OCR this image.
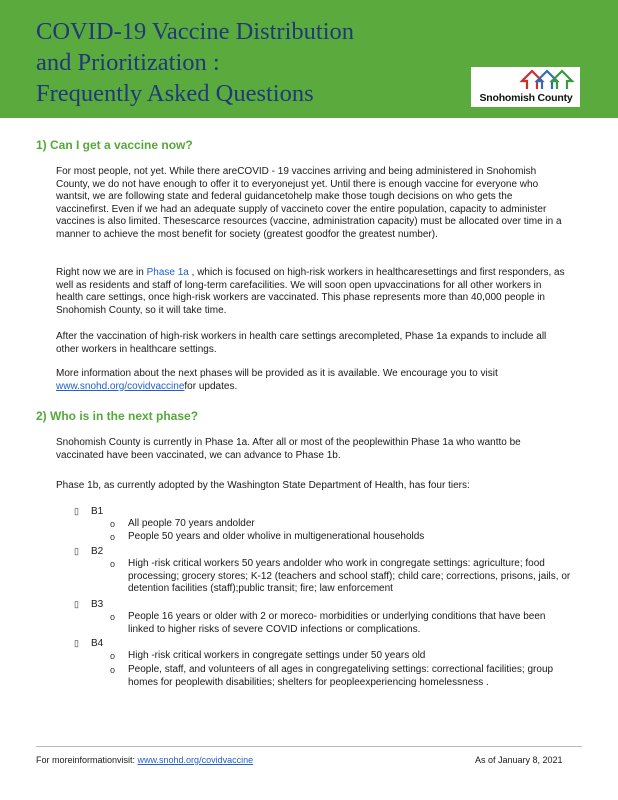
COVID-19 Vaccine Distribution
and Prioritization :
Frequently Asked Questions	Snohomish County
1) Can I get a vaccine now?
For most people, not yet. While there areCOVID - 19 vaccines arriving and being administered in Snohomish County, we do not have enough to offer it to everyonejust yet. Until there is enough vaccine for everyone who wantsit, we are following state and federal guidancetohelp make those tough decisions on who gets the vaccinefirst. Even if we had an adequate supply of vaccineto cover the entire population, capacity to administer vaccines is also limited. Thesescarce resources (vaccine, administration capacity) must be allocated over time in a manner to achieve the most benefit for society (greatest goodfor the greatest number).
Right now we are in Phase 1a , which is focused on high-risk workers in healthcaresettings and first responders, as well as residents and staff of long-term carefacilities. We will soon open upvaccinations for all other workers in health care settings, once high-risk workers are vaccinated. This phase represents more than 40,000 people in Snohomish County, so it will take time.
After the vaccination of high-risk workers in health care settings arecompleted, Phase 1a expands to include all other workers in healthcare settings.
More information about the next phases will be provided as it is available. We encourage you to visit www.snohd.org/covidvaccinefor updates.
2) Who is in the next phase?
Snohomish County is currently in Phase 1a. After all or most of the peoplewithin Phase 1a who wantto be vaccinated have been vaccinated, we can advance to Phase 1b.
Phase 1b, as currently adopted by the Washington State Department of Health, has four tiers:
▯ B1
o All people 70 years andolder
o People 50 years and older wholive in multigenerational households
▯ B2
o High -risk critical workers 50 years andolder who work in congregate settings: agriculture; food processing; grocery stores; K-12 (teachers and school staff); child care; corrections, prisons, jails, or detention facilities (staff);public transit; fire; law enforcement
▯ B3
o People 16 years or older with 2 or moreco- morbidities or underlying conditions that have been linked to higher risks of severe COVID infections or complications.
▯ B4
o High -risk critical workers in congregate settings under 50 years old
o People, staff, and volunteers of all ages in congregateliving settings: correctional facilities; group homes for peoplewith disabilities; shelters for peopleexperiencing homelessness .
For moreinformationvisit: www.snohd.org/covidvaccine	As of January 8, 2021
